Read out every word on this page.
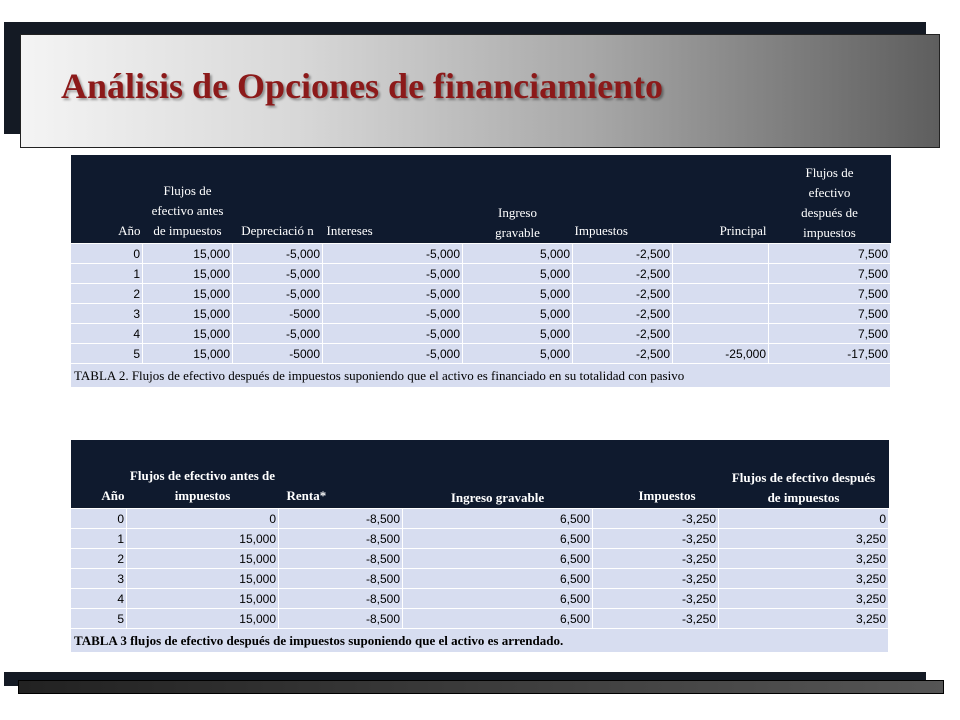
Análisis de Opciones de financiamiento
Año	Flujos de efectivo antes de impuestos	Depreciació n	Intereses	Ingreso gravable	Impuestos	Principal	Flujos de efectivo después de impuestos
0	15,000	-5,000	-5,000	5,000	-2,500		7,500
1	15,000	-5,000	-5,000	5,000	-2,500		7,500
2	15,000	-5,000	-5,000	5,000	-2,500		7,500
3	15,000	-5000	-5,000	5,000	-2,500		7,500
4	15,000	-5,000	-5,000	5,000	-2,500		7,500
5	15,000	-5000	-5,000	5,000	-2,500	-25,000	-17,500
TABLA 2. Flujos de efectivo después de impuestos suponiendo que el activo es financiado en su totalidad con pasivo							
Año	Flujos de efectivo antes de impuestos	Renta*	Ingreso gravable	Impuestos	Flujos de efectivo después de impuestos
0	0	-8,500	6,500	-3,250	0
1	15,000	-8,500	6,500	-3,250	3,250
2	15,000	-8,500	6,500	-3,250	3,250
3	15,000	-8,500	6,500	-3,250	3,250
4	15,000	-8,500	6,500	-3,250	3,250
5	15,000	-8,500	6,500	-3,250	3,250
TABLA 3 flujos de efectivo después de impuestos suponiendo que el activo es arrendado.					
